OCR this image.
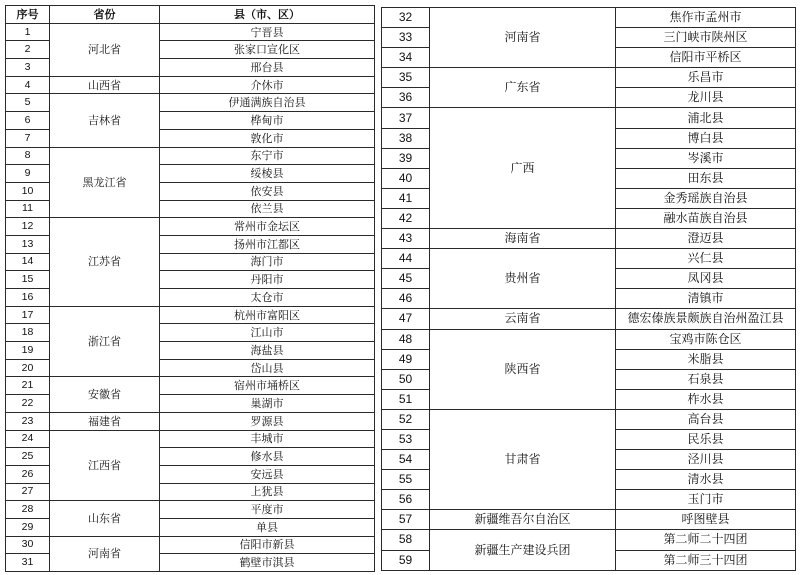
序号	省份	县（市、区）
1	河北省	宁晋县
2		张家口宣化区
3		邢台县
4	山西省	介休市
5	吉林省	伊通满族自治县
6		桦甸市
7		敦化市
8	黑龙江省	东宁市
9		绥棱县
10		依安县
11		依兰县
12	江苏省	常州市金坛区
13		扬州市江都区
14		海门市
15		丹阳市
16		太仓市
17	浙江省	杭州市富阳区
18		江山市
19		海盐县
20		岱山县
21	安徽省	宿州市埇桥区
22		巢湖市
23	福建省	罗源县
24	江西省	丰城市
25		修水县
26		安远县
27		上犹县
28	山东省	平度市
29		单县
30	河南省	信阳市新县
31		鹤壁市淇县
32	河南省	焦作市孟州市
33		三门峡市陕州区
34		信阳市平桥区
35	广东省	乐昌市
36		龙川县
37	广西	浦北县
38		博白县
39		岑溪市
40		田东县
41		金秀瑶族自治县
42		融水苗族自治县
43	海南省	澄迈县
44	贵州省	兴仁县
45		凤冈县
46		清镇市
47	云南省	德宏傣族景颇族自治州盈江县
48	陕西省	宝鸡市陈仓区
49		米脂县
50		石泉县
51		柞水县
52	甘肃省	高台县
53		民乐县
54		泾川县
55		清水县
56		玉门市
57	新疆维吾尔自治区	呼图壁县
58	新疆生产建设兵团	第二师二十四团
59		第二师三十四团
